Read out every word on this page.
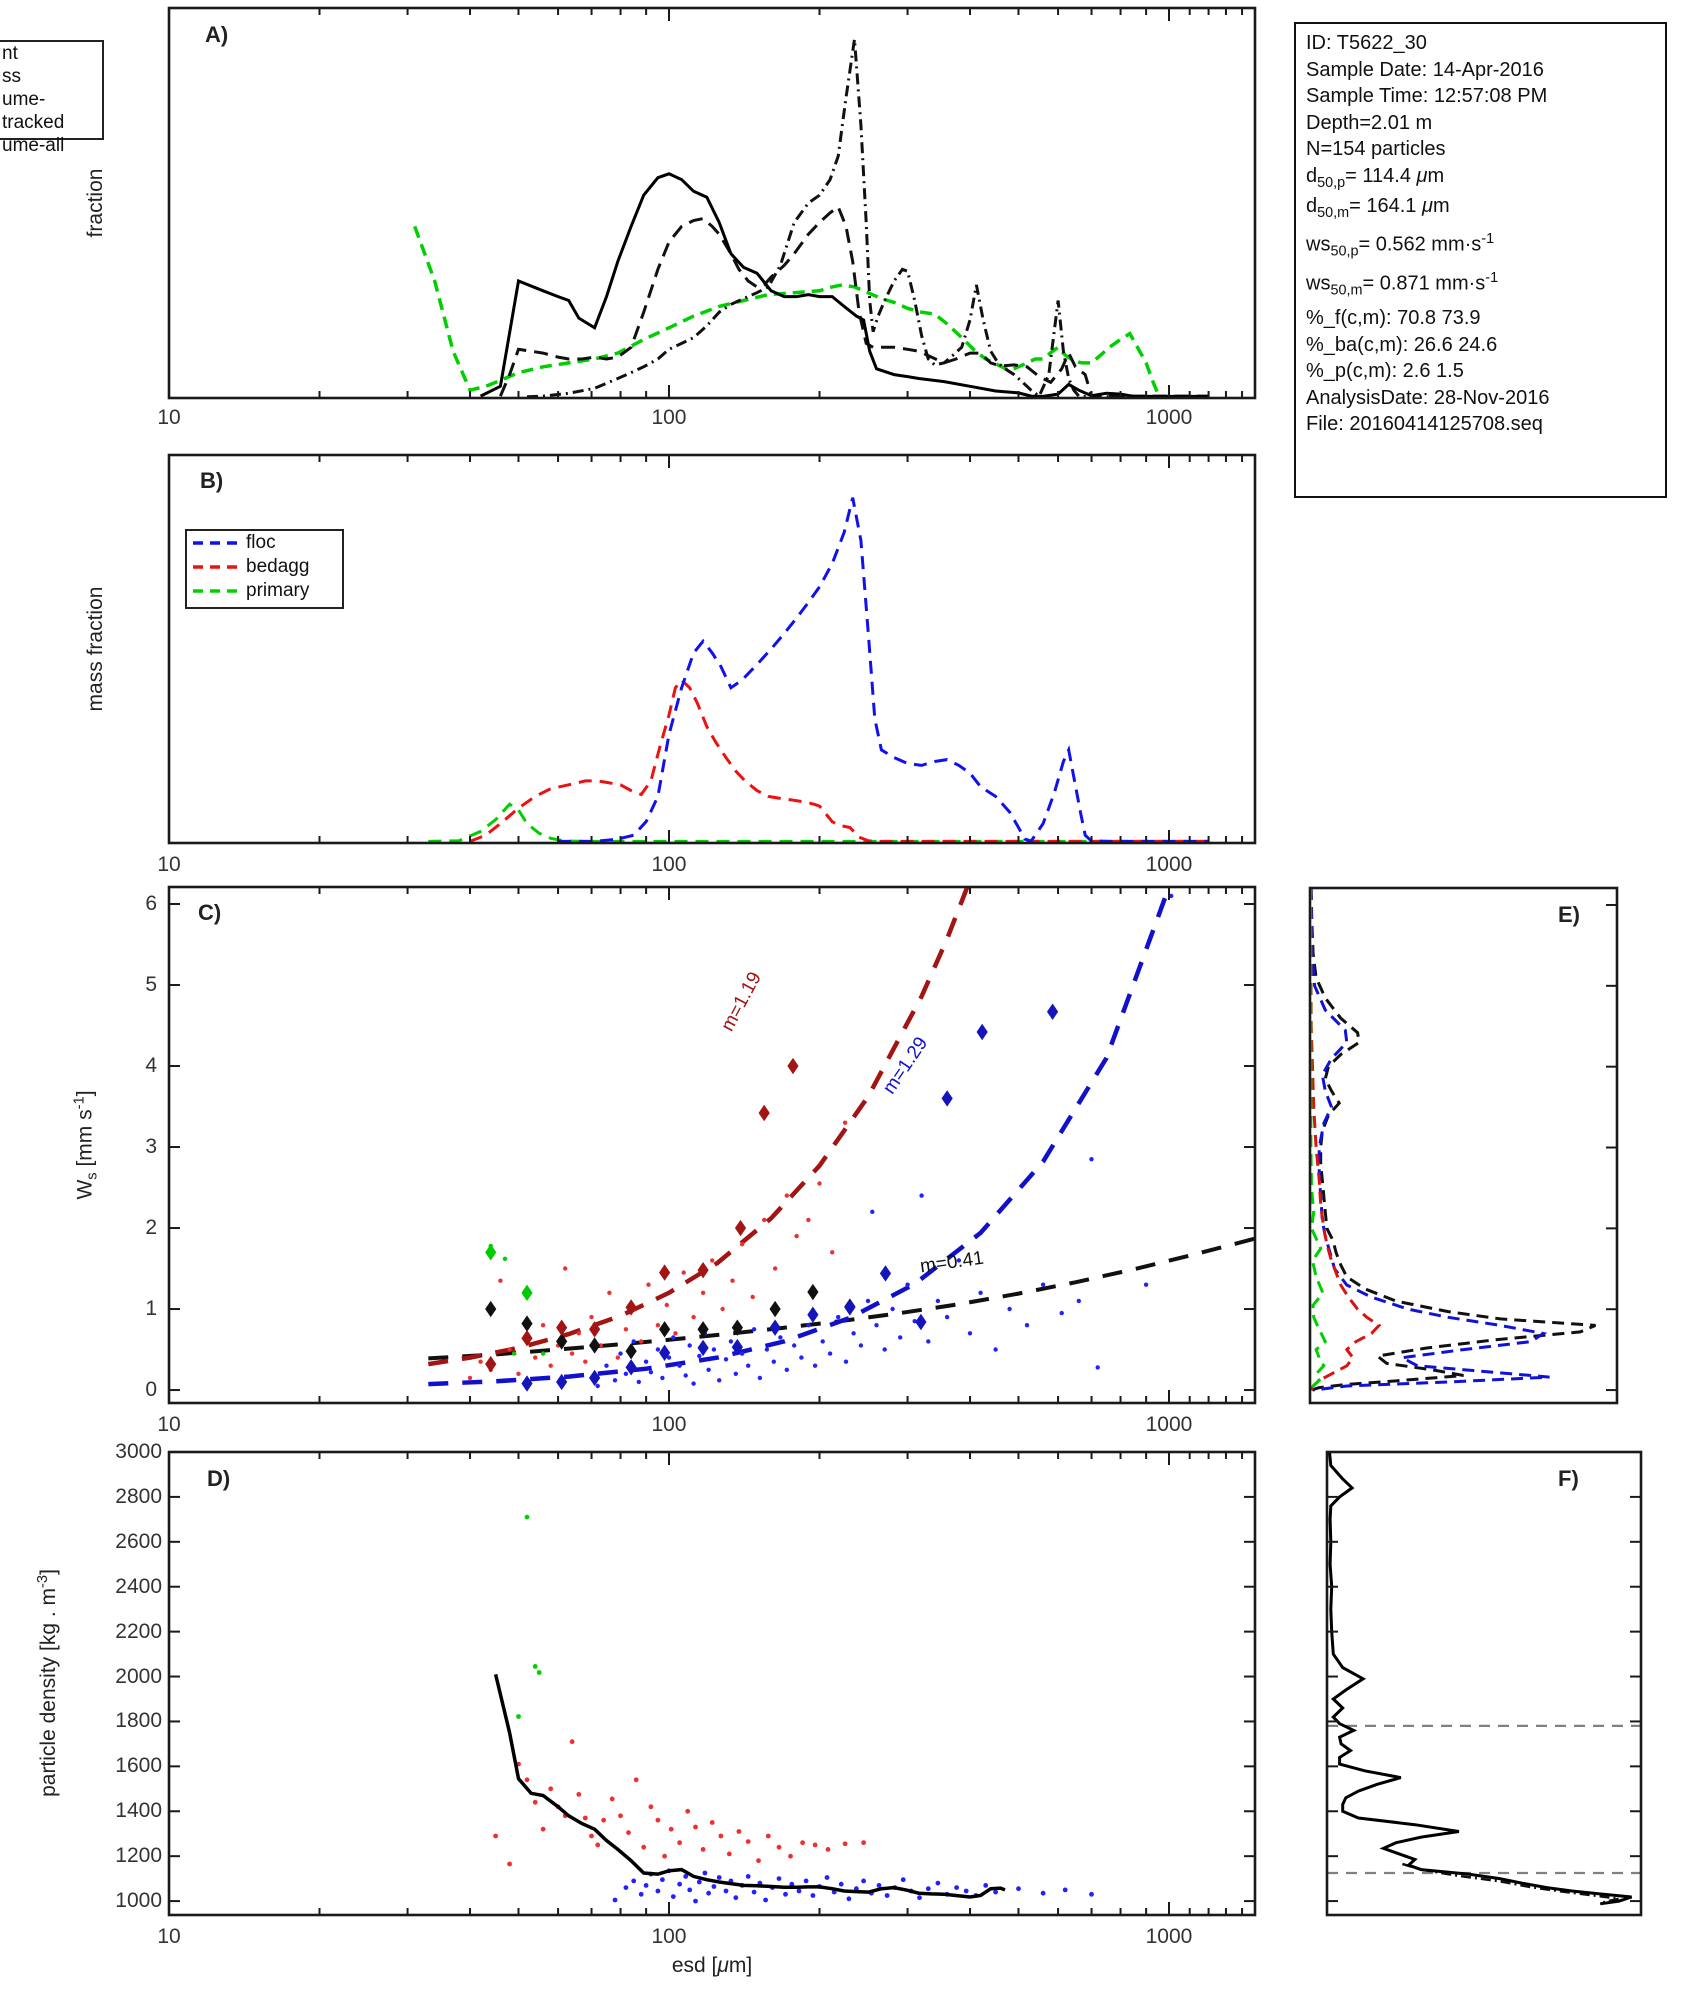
10	100	1000
10	100	1000
10	100	1000
0
1
2
3
4
5
6
10	100	1000
1000
1200
1400
1600
1800
2000
2200
2400
2600
2800
3000
A)
B)
C)
D)
E)
F)
fraction
mass fraction
$W_s$ [mm $s^{-1}$]
particle density [kg . $m^{-3}$]
esd [μm]
m=1.19
m=1.29
m=0.41
nt
ss
ume-tracked
ume-all
floc
bedagg
primary
ID: T5622_30
Sample Date: 14-Apr-2016
Sample Time: 12:57:08 PM
Depth=2.01 m
N=154 particles
$d_{50,p}= 114.4$ μm
$d_{50,m}= 164.1$ μm
$ws_{50,p}= 0.562$ $mm\cdot s^{-1}$
$ws_{50,m}= 0.871$ $mm\cdot s^{-1}$
%_f(c,m): 70.8 73.9
%_ba(c,m): 26.6 24.6
%_p(c,m): 2.6 1.5
AnalysisDate: 28-Nov-2016
File: 20160414125708.seq
